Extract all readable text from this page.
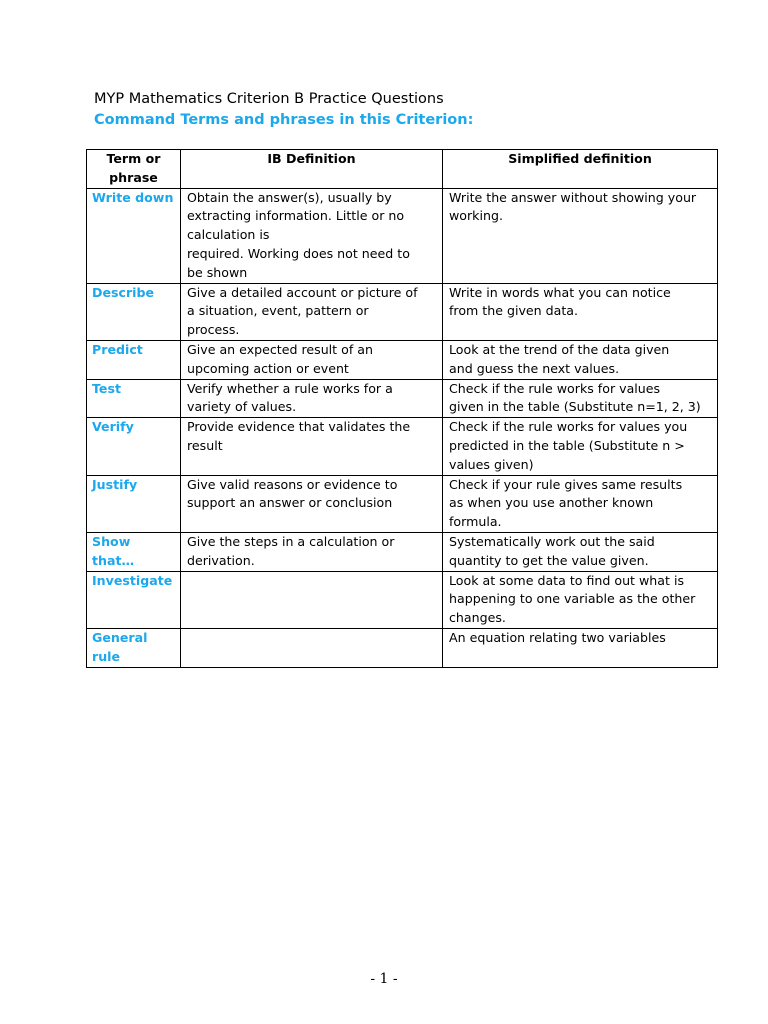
MYP Mathematics Criterion B Practice Questions
Command Terms and phrases in this Criterion:
Term or phrase	IB Definition	Simplified definition
Write down	Obtain the answer(s), usually by
extracting information. Little or no
calculation is
required. Working does not need to
be shown	Write the answer without showing your
working.
Describe	Give a detailed account or picture of
a situation, event, pattern or
process.	Write in words what you can notice
from the given data.
Predict	Give an expected result of an
upcoming action or event	Look at the trend of the data given
and guess the next values.
Test	Verify whether a rule works for a
variety of values.	Check if the rule works for values
given in the table (Substitute n=1, 2, 3)
Verify	Provide evidence that validates the
result	Check if the rule works for values you
predicted in the table (Substitute n >
values given)
Justify	Give valid reasons or evidence to
support an answer or conclusion	Check if your rule gives same results
as when you use another known
formula.
Show
that…	Give the steps in a calculation or
derivation.	Systematically work out the said
quantity to get the value given.
Investigate		Look at some data to find out what is
happening to one variable as the other
changes.
General
rule		An equation relating two variables
- 1 -
